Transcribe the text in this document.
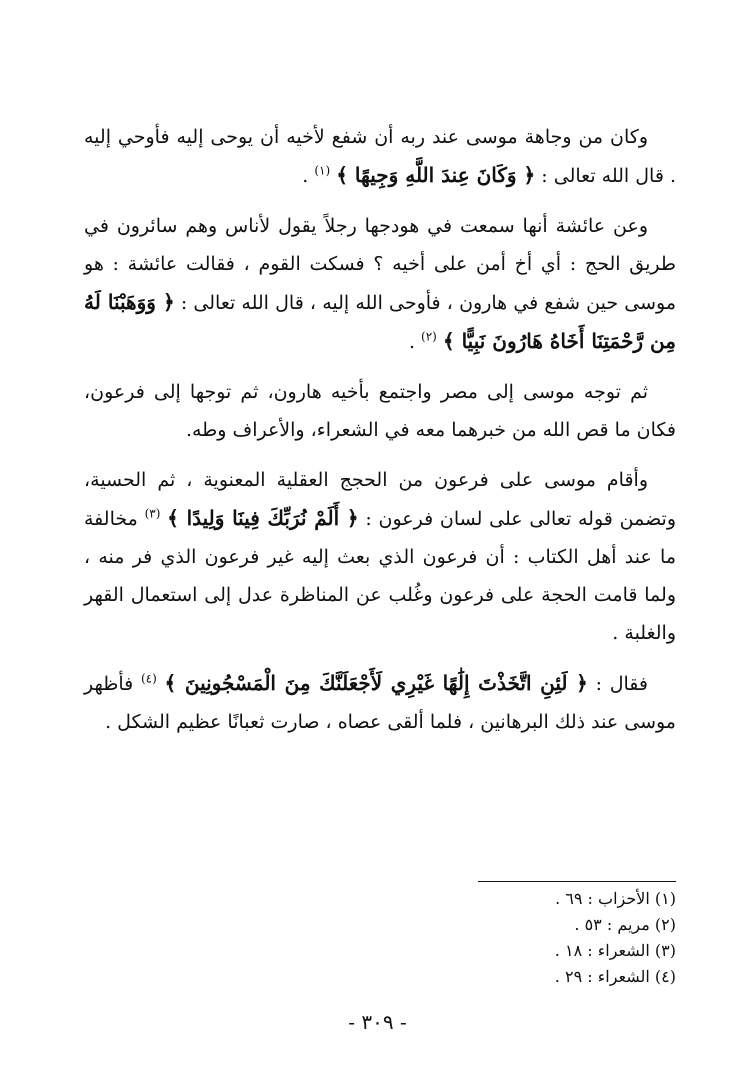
وكان من وجاهة موسى عند ربه أن شفع لأخيه أن يوحى إليه فأوحي إليه . قال الله تعالى : ﴿ وَكَانَ عِندَ اللَّهِ وَجِيهًا ﴾ $^{(١)}$ .

وعن عائشة أنها سمعت في هودجها رجلاً يقول لأناس وهم سائرون في طريق الحج : أي أخ أمن على أخيه ؟ فسكت القوم ، فقالت عائشة : هو موسى حين شفع في هارون ، فأوحى الله إليه ، قال الله تعالى : ﴿ وَوَهَبْنَا لَهُ مِن رَّحْمَتِنَا أَخَاهُ هَارُونَ نَبِيًّا ﴾ $^{(٢)}$ .

ثم توجه موسى إلى مصر واجتمع بأخيه هارون، ثم توجها إلى فرعون، فكان ما قص الله من خبرهما معه في الشعراء، والأعراف وطه.

وأقام موسى على فرعون من الحجج العقلية المعنوية ، ثم الحسية، وتضمن قوله تعالى على لسان فرعون : ﴿ أَلَمْ نُرَبِّكَ فِينَا وَلِيدًا ﴾ $^{(٣)}$ مخالفة ما عند أهل الكتاب : أن فرعون الذي بعث إليه غير فرعون الذي فر منه ، ولما قامت الحجة على فرعون وغُلب عن المناظرة عدل إلى استعمال القهر والغلبة .

فقال : ﴿ لَئِنِ اتَّخَذْتَ إِلَٰهًا غَيْرِي لَأَجْعَلَنَّكَ مِنَ الْمَسْجُونِينَ ﴾ $^{(٤)}$ فأظهر موسى عند ذلك البرهانين ، فلما ألقى عصاه ، صارت ثعبانًا عظيم الشكل .

(١) الأحزاب : ٦٩ .
(٢) مريم : ٥٣ .
(٣) الشعراء : ١٨ .
(٤) الشعراء : ٢٩ .
- ٣٠٩ -
